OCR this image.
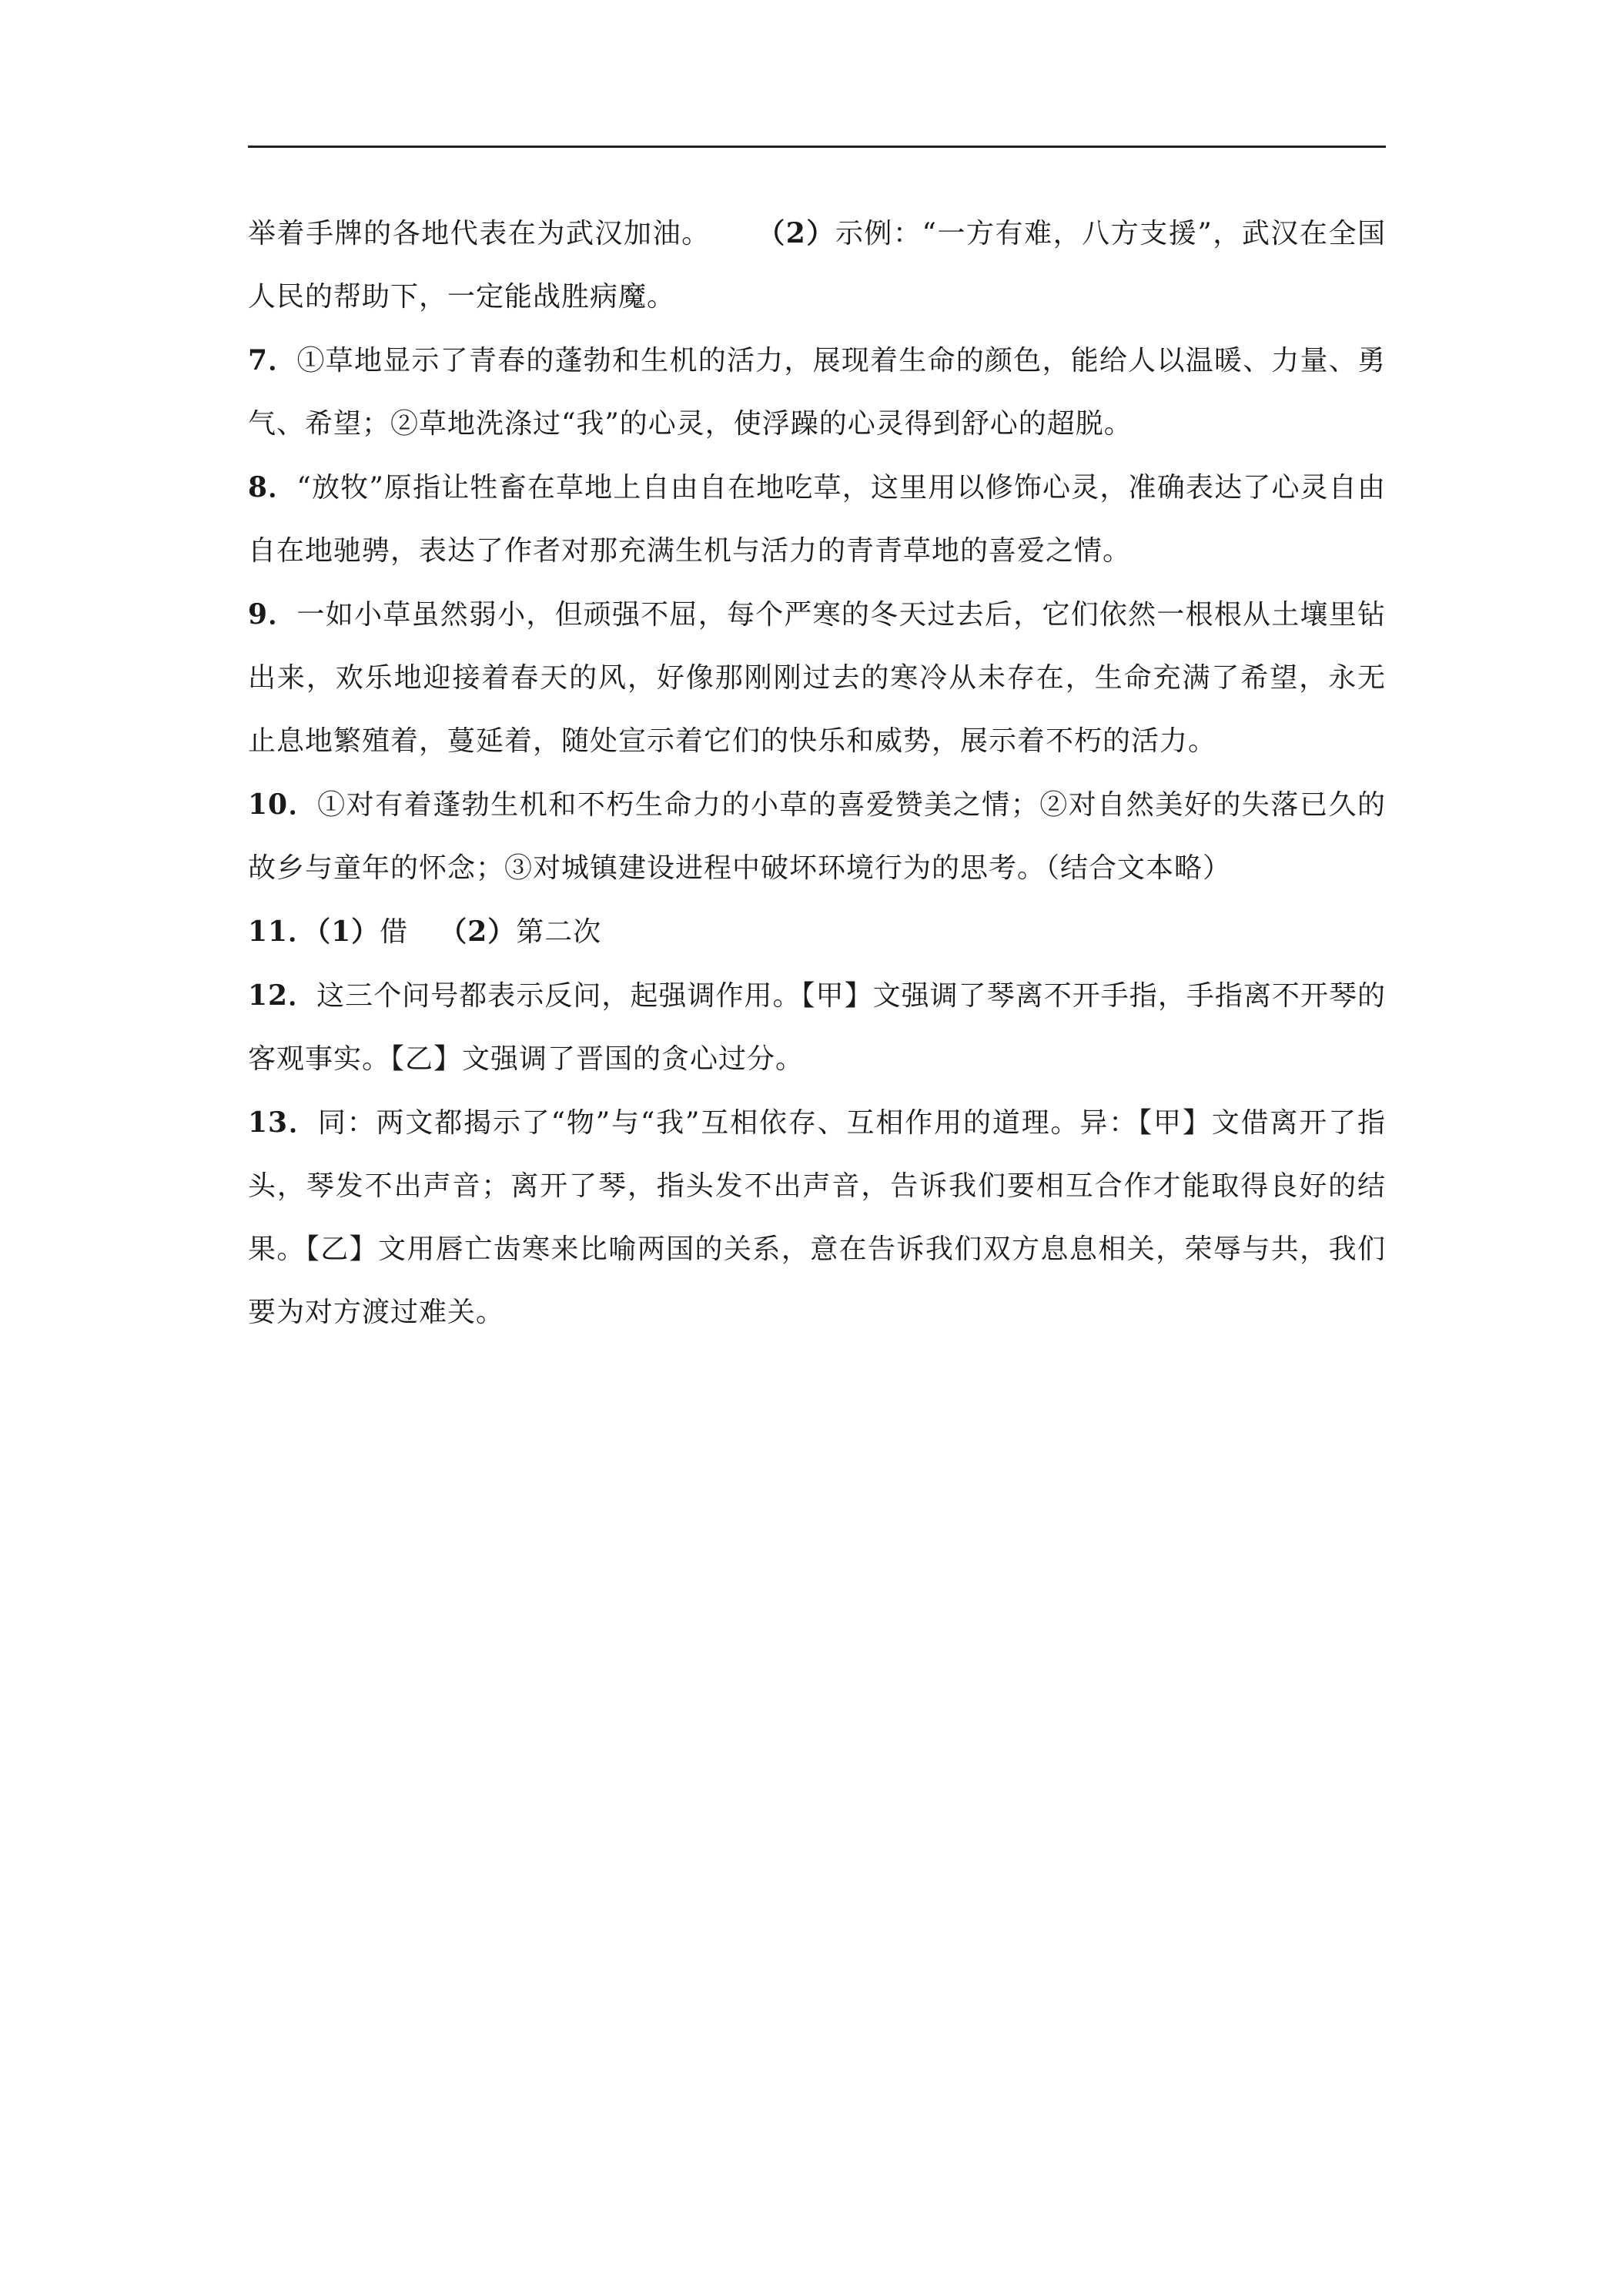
举着手牌的各地代表在为武汉加油。 （2）示例：“一方有难，八方支援”，武汉在全国人民的帮助下，一定能战胜病魔。

7．①草地显示了青春的蓬勃和生机的活力，展现着生命的颜色，能给人以温暖、力量、勇气、希望；②草地洗涤过“我”的心灵，使浮躁的心灵得到舒心的超脱。

8．“放牧”原指让牲畜在草地上自由自在地吃草，这里用以修饰心灵，准确表达了心灵自由自在地驰骋，表达了作者对那充满生机与活力的青青草地的喜爱之情。

9．一如小草虽然弱小，但顽强不屈，每个严寒的冬天过去后，它们依然一根根从土壤里钻出来，欢乐地迎接着春天的风，好像那刚刚过去的寒冷从未存在，生命充满了希望，永无止息地繁殖着，蔓延着，随处宣示着它们的快乐和威势，展示着不朽的活力。

10．①对有着蓬勃生机和不朽生命力的小草的喜爱赞美之情；②对自然美好的失落已久的故乡与童年的怀念；③对城镇建设进程中破坏环境行为的思考。（结合文本略）

11．（1）借 （2）第二次

12．这三个问号都表示反问，起强调作用。【甲】文强调了琴离不开手指，手指离不开琴的客观事实。【乙】文强调了晋国的贪心过分。

13．同：两文都揭示了“物”与“我”互相依存、互相作用的道理。异：【甲】文借离开了指头，琴发不出声音；离开了琴，指头发不出声音，告诉我们要相互合作才能取得良好的结果。【乙】文用唇亡齿寒来比喻两国的关系，意在告诉我们双方息息相关，荣辱与共，我们要为对方渡过难关。
